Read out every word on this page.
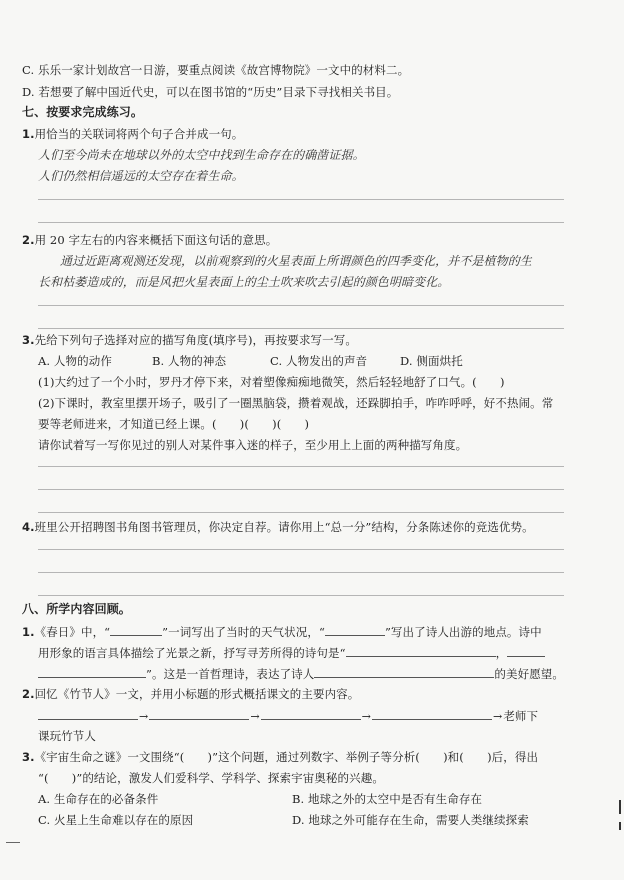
C. 乐乐一家计划故宫一日游，要重点阅读《故宫博物院》一文中的材料二。
D. 若想要了解中国近代史，可以在图书馆的“历史”目录下寻找相关书目。
七、按要求完成练习。
1.用恰当的关联词将两个句子合并成一句。
人们至今尚未在地球以外的太空中找到生命存在的确凿证据。
人们仍然相信遥远的太空存在着生命。
2.用 20 字左右的内容来概括下面这句话的意思。
通过近距离观测还发现，以前观察到的火星表面上所谓颜色的四季变化，并不是植物的生
长和枯萎造成的，而是风把火星表面上的尘土吹来吹去引起的颜色明暗变化。
3.先给下列句子选择对应的描写角度(填序号)，再按要求写一写。
A. 人物的动作	B. 人物的神态	C. 人物发出的声音	D. 侧面烘托
(1)大约过了一个小时，罗丹才停下来，对着塑像痴痴地微笑，然后轻轻地舒了口气。(　　)
(2)下课时，教室里摆开场子，吸引了一圈黑脑袋，攒着观战，还跺脚拍手，咋咋呼呼，好不热闹。常
要等老师进来，才知道已经上课。(　　)(　　)(　　)
请你试着写一写你见过的别人对某件事入迷的样子，至少用上上面的两种描写角度。
4.班里公开招聘图书角图书管理员，你决定自荐。请你用上“总一分”结构，分条陈述你的竞选优势。
八、所学内容回顾。
1.《春日》中，“	”一词写出了当时的天气状况，“	”写出了诗人出游的地点。诗中
用形象的语言具体描绘了光景之新，抒写寻芳所得的诗句是“	，
”。这是一首哲理诗，表达了诗人	的美好愿望。
2.回忆《竹节人》一文，并用小标题的形式概括课文的主要内容。
→	→	→	→老师下
课玩竹节人
3.《宇宙生命之谜》一文围绕“(　　)”这个问题，通过列数字、举例子等分析(　　)和(　　)后，得出
“(　　)”的结论，激发人们爱科学、学科学、探索宇宙奥秘的兴趣。
A. 生命存在的必备条件	B. 地球之外的太空中是否有生命存在
C. 火星上生命难以存在的原因	D. 地球之外可能存在生命，需要人类继续探索
